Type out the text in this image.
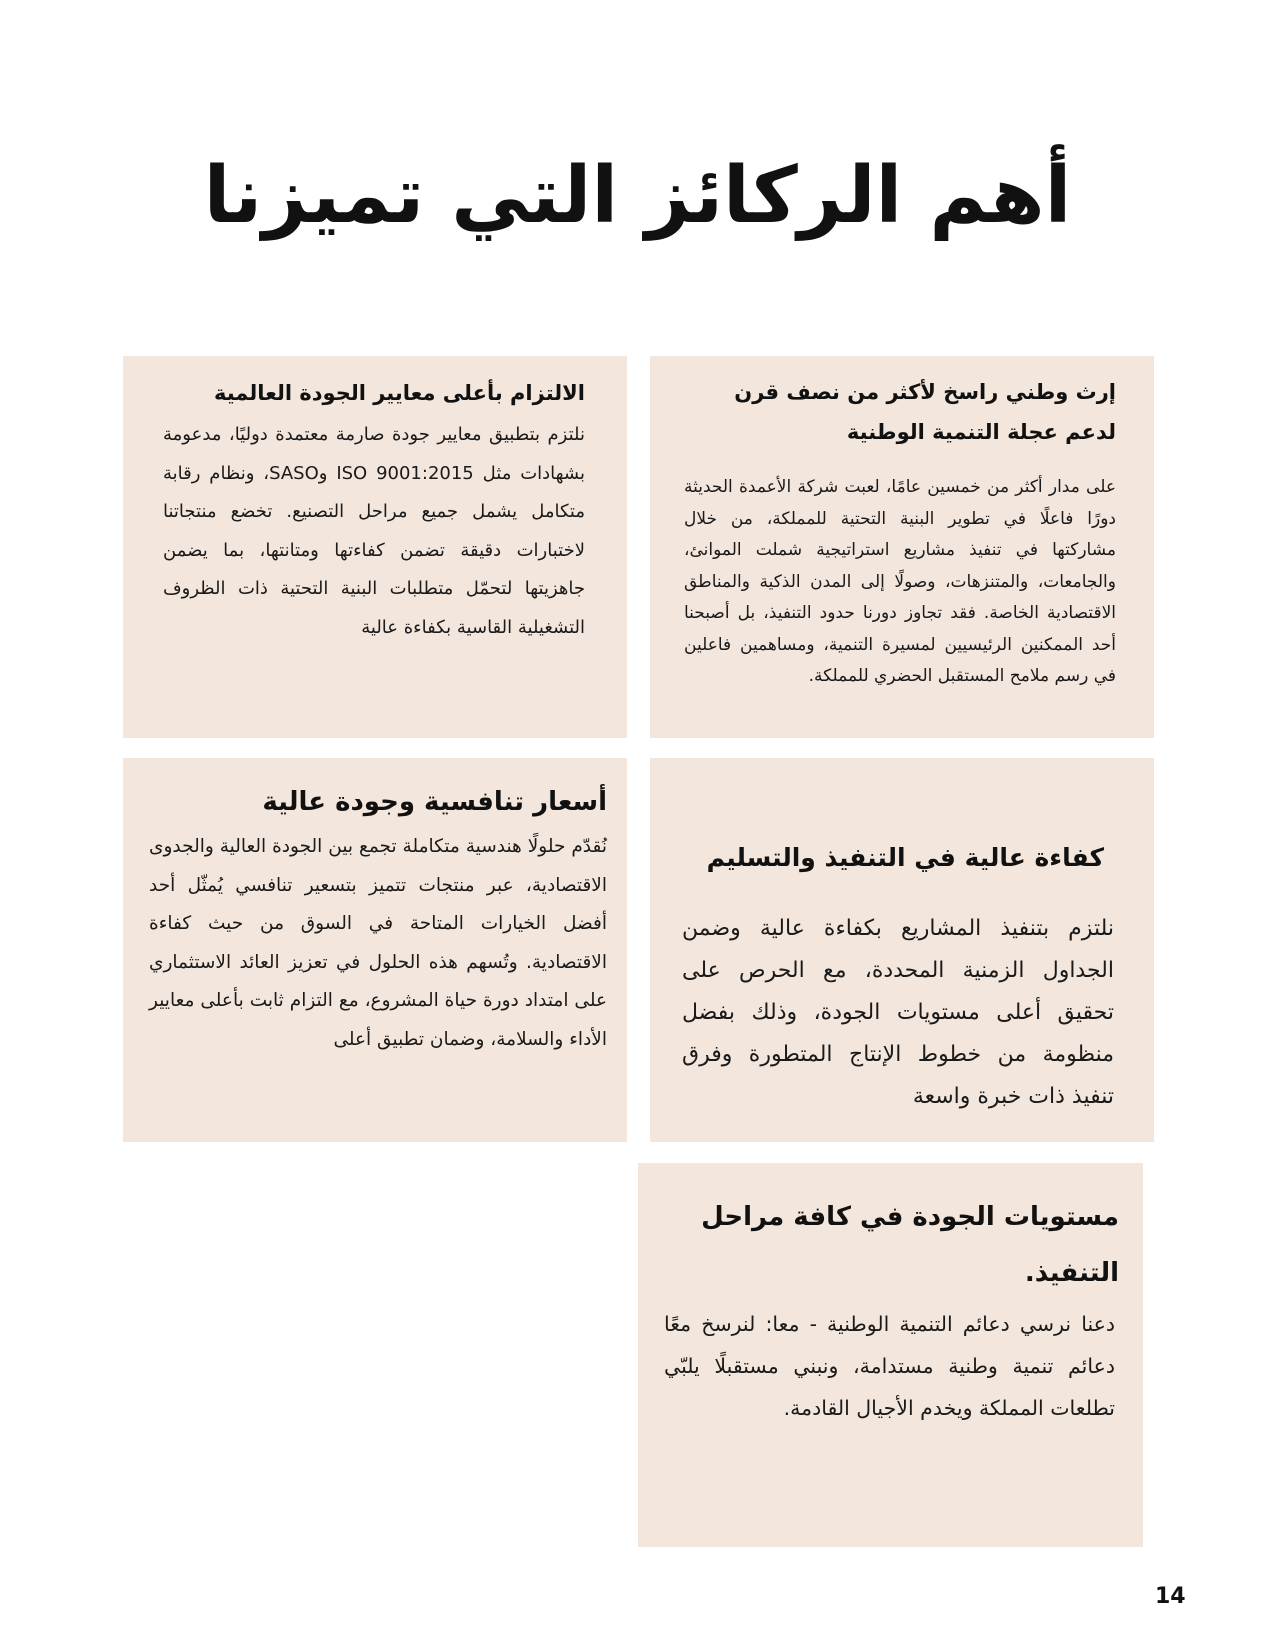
أهم الركائز التي تميزنا
إرث وطني راسخ لأكثر من نصف قرن لدعم عجلة التنمية الوطنية

على مدار أكثر من خمسين عامًا، لعبت شركة الأعمدة الحديثة دورًا فاعلًا في تطوير البنية التحتية للمملكة، من خلال مشاركتها في تنفيذ مشاريع استراتيجية شملت الموانئ، والجامعات، والمتنزهات، وصولًا إلى المدن الذكية والمناطق الاقتصادية الخاصة. فقد تجاوز دورنا حدود التنفيذ، بل أصبحنا أحد الممكنين الرئيسيين لمسيرة التنمية، ومساهمين فاعلين في رسم ملامح المستقبل الحضري للمملكة.

الالتزام بأعلى معايير الجودة العالمية

نلتزم بتطبيق معايير جودة صارمة معتمدة دوليًا، مدعومة بشهادات مثل ISO 9001:2015 وSASO، ونظام رقابة متكامل يشمل جميع مراحل التصنيع. تخضع منتجاتنا لاختبارات دقيقة تضمن كفاءتها ومتانتها، بما يضمن جاهزيتها لتحمّل متطلبات البنية التحتية ذات الظروف التشغيلية القاسية بكفاءة عالية

كفاءة عالية في التنفيذ والتسليم

نلتزم بتنفيذ المشاريع بكفاءة عالية وضمن الجداول الزمنية المحددة، مع الحرص على تحقيق أعلى مستويات الجودة، وذلك بفضل منظومة من خطوط الإنتاج المتطورة وفرق تنفيذ ذات خبرة واسعة

أسعار تنافسية وجودة عالية

نُقدّم حلولًا هندسية متكاملة تجمع بين الجودة العالية والجدوى الاقتصادية، عبر منتجات تتميز بتسعير تنافسي يُمثّل أحد أفضل الخيارات المتاحة في السوق من حيث كفاءة الاقتصادية. وتُسهم هذه الحلول في تعزيز العائد الاستثماري على امتداد دورة حياة المشروع، مع التزام ثابت بأعلى معايير الأداء والسلامة، وضمان تطبيق أعلى

مستويات الجودة في كافة مراحل التنفيذ.

دعنا نرسي دعائم التنمية الوطنية - معا: لنرسخ معًا دعائم تنمية وطنية مستدامة، ونبني مستقبلًا يلبّي تطلعات المملكة ويخدم الأجيال القادمة.

14
